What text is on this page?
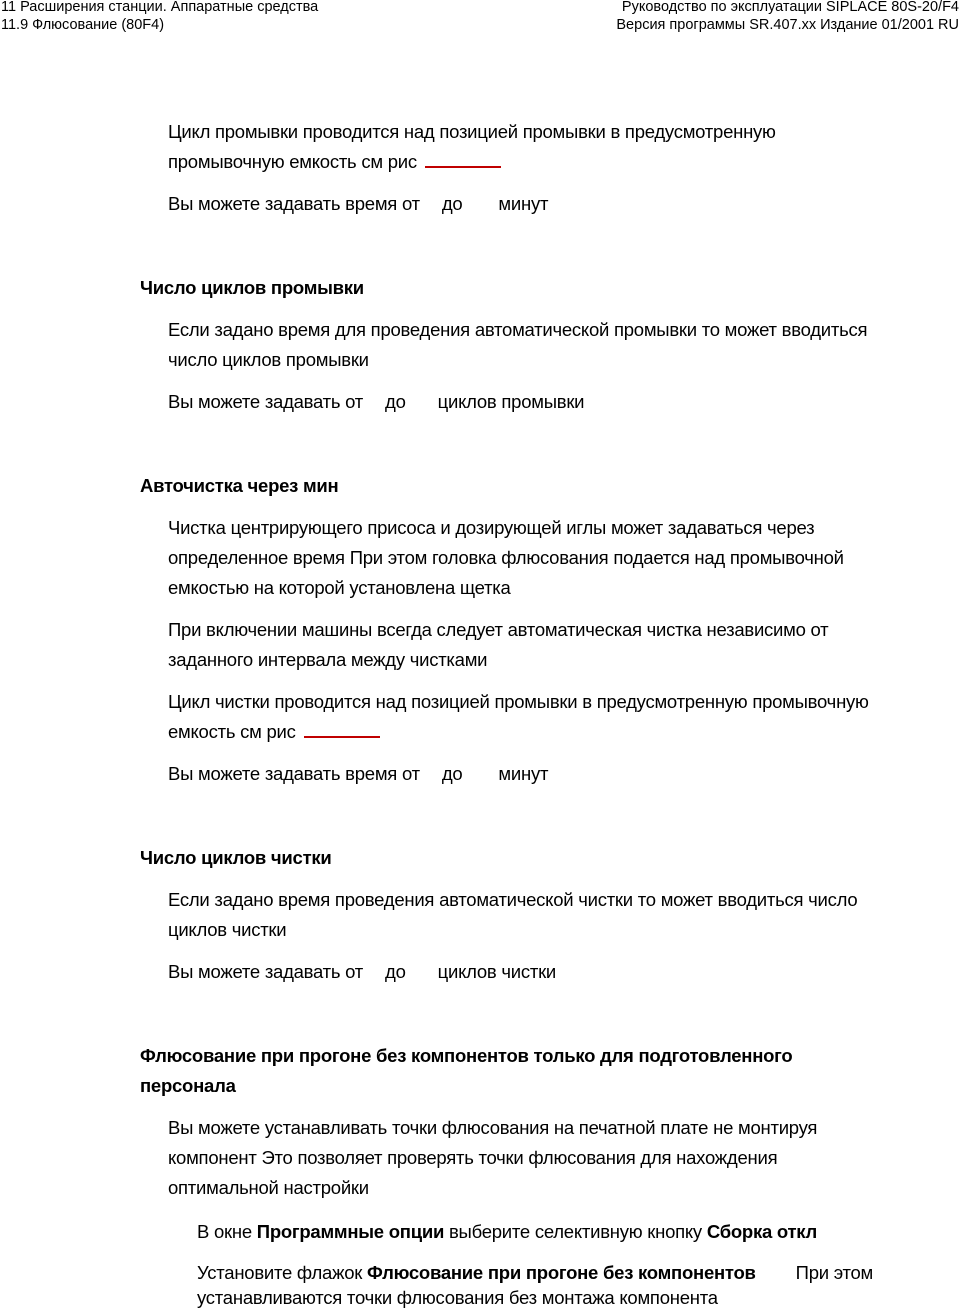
11 Расширения станции. Аппаратные средства
11.9 Флюсование (80F4)
Руководство по эксплуатации SIPLACE 80S-20/F4
Версия программы SR.407.xx Издание 01/2001 RU
Цикл промывки проводится над позицией промывки в предусмотренную
промывочную емкость см рис
Вы можете задавать время от до минут
Число циклов промывки
Если задано время для проведения автоматической промывки то может вводиться
число циклов промывки
Вы можете задавать от до циклов промывки
Авточистка через мин
Чистка центрирующего присоса и дозирующей иглы может задаваться через
определенное время При этом головка флюсования подается над промывочной
емкостью на которой установлена щетка
При включении машины всегда следует автоматическая чистка независимо от
заданного интервала между чистками
Цикл чистки проводится над позицией промывки в предусмотренную промывочную
емкость см рис
Вы можете задавать время от до минут
Число циклов чистки
Если задано время проведения автоматической чистки то может вводиться число
циклов чистки
Вы можете задавать от до циклов чистки
Флюсование при прогоне без компонентов только для подготовленного
персонала
Вы можете устанавливать точки флюсования на печатной плате не монтируя
компонент Это позволяет проверять точки флюсования для нахождения
оптимальной настройки
В окне Программные опции выберите селективную кнопку Сборка откл
Установите флажок Флюсование при прогоне без компонентов При этом
устанавливаются точки флюсования без монтажа компонента
